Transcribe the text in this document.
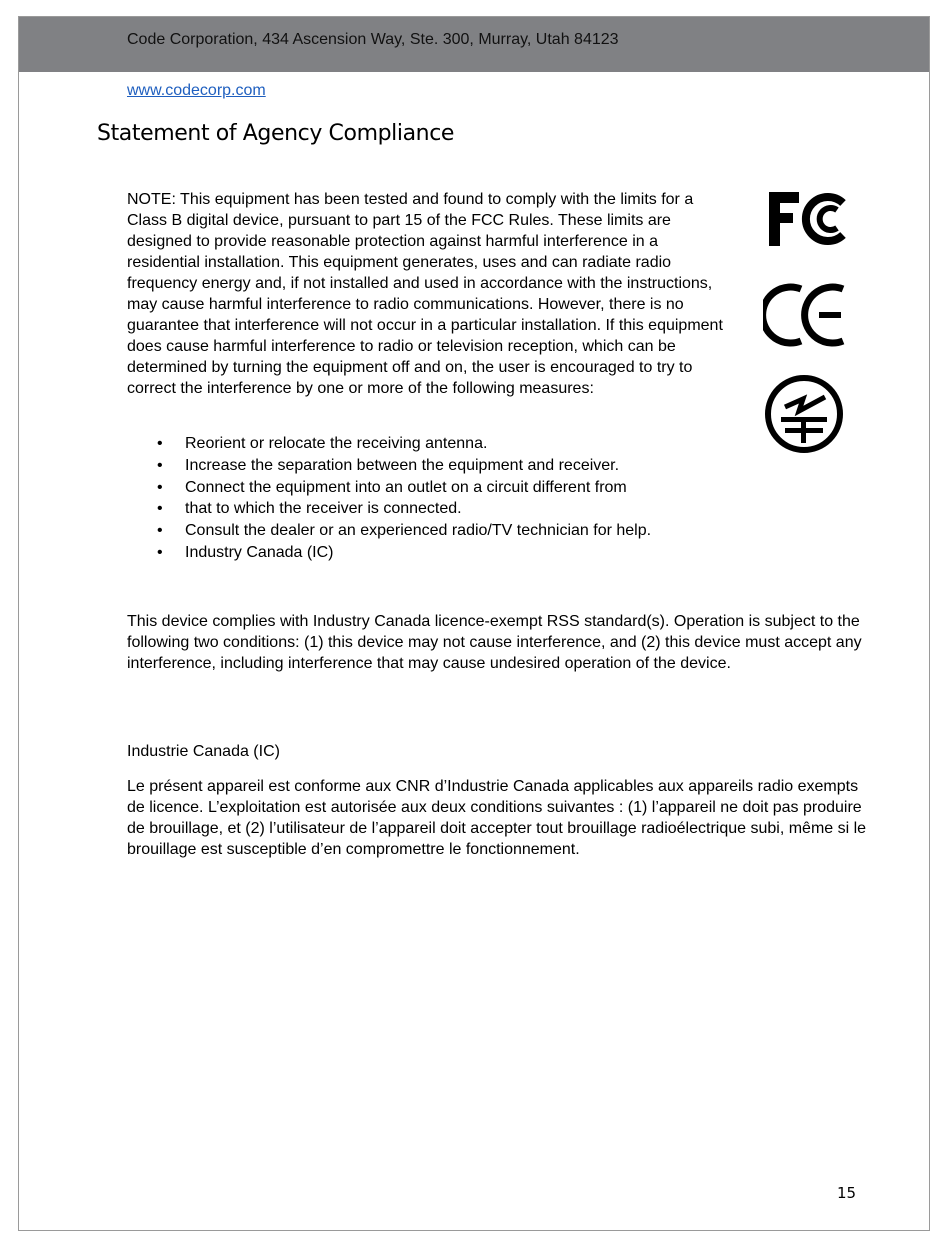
Code Corporation, 434 Ascension Way, Ste. 300, Murray, Utah 84123
www.codecorp.com
Statement of Agency Compliance

NOTE: This equipment has been tested and found to comply with the limits for a Class B digital device, pursuant to part 15 of the FCC Rules. These limits are designed to provide reasonable protection against harmful interference in a residential installation. This equipment generates, uses and can radiate radio frequency energy and, if not installed and used in accordance with the instructions, may cause harmful interference to radio communications. However, there is no guarantee that interference will not occur in a particular installation. If this equipment does cause harmful interference to radio or television reception, which can be determined by turning the equipment off and on, the user is encouraged to try to correct the interference by one or more of the following measures:

• Reorient or relocate the receiving antenna.
• Increase the separation between the equipment and receiver.
• Connect the equipment into an outlet on a circuit different from
• that to which the receiver is connected.
• Consult the dealer or an experienced radio/TV technician for help.
• Industry Canada (IC)

This device complies with Industry Canada licence-exempt RSS standard(s). Operation is subject to the following two conditions: (1) this device may not cause interference, and (2) this device must accept any interference, including interference that may cause undesired operation of the device.

Industrie Canada (IC)

Le présent appareil est conforme aux CNR d’Industrie Canada applicables aux appareils radio exempts de licence. L’exploitation est autorisée aux deux conditions suivantes : (1) l’appareil ne doit pas produire de brouillage, et (2) l’utilisateur de l’appareil doit accepter tout brouillage radioélectrique subi, même si le brouillage est susceptible d’en compromettre le fonctionnement.

15
